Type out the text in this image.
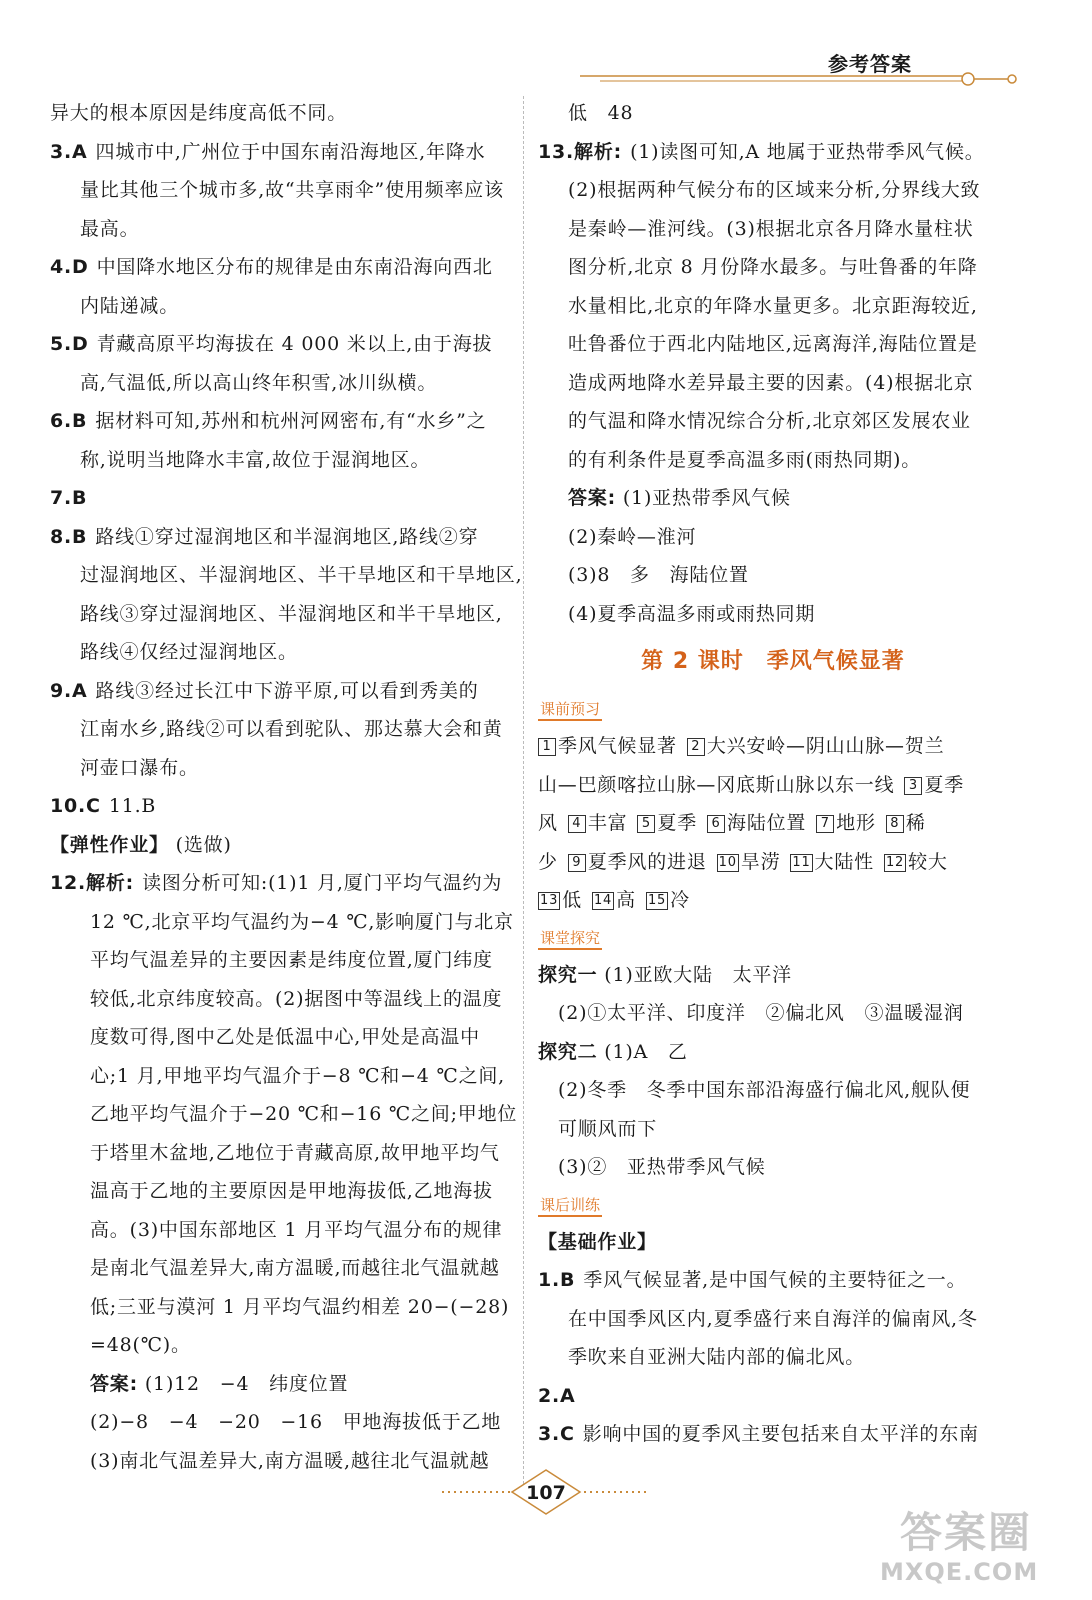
参考答案
异大的根本原因是纬度高低不同。
3.A 四城市中,广州位于中国东南沿海地区,年降水
量比其他三个城市多,故“共享雨伞”使用频率应该
最高。
4.D 中国降水地区分布的规律是由东南沿海向西北
内陆递减。
5.D 青藏高原平均海拔在 4 000 米以上,由于海拔
高,气温低,所以高山终年积雪,冰川纵横。
6.B 据材料可知,苏州和杭州河网密布,有“水乡”之
称,说明当地降水丰富,故位于湿润地区。
7.B
8.B 路线①穿过湿润地区和半湿润地区,路线②穿
过湿润地区、半湿润地区、半干旱地区和干旱地区,
路线③穿过湿润地区、半湿润地区和半干旱地区,
路线④仅经过湿润地区。
9.A 路线③经过长江中下游平原,可以看到秀美的
江南水乡,路线②可以看到驼队、那达慕大会和黄
河壶口瀑布。
10.C 11.B
【弹性作业】 (选做)
12.解析: 读图分析可知:(1)1 月,厦门平均气温约为
12 ℃,北京平均气温约为−4 ℃,影响厦门与北京
平均气温差异的主要因素是纬度位置,厦门纬度
较低,北京纬度较高。(2)据图中等温线上的温度
度数可得,图中乙处是低温中心,甲处是高温中
心;1 月,甲地平均气温介于−8 ℃和−4 ℃之间,
乙地平均气温介于−20 ℃和−16 ℃之间;甲地位
于塔里木盆地,乙地位于青藏高原,故甲地平均气
温高于乙地的主要原因是甲地海拔低,乙地海拔
高。(3)中国东部地区 1 月平均气温分布的规律
是南北气温差异大,南方温暖,而越往北气温就越
低;三亚与漠河 1 月平均气温约相差 20−(−28)
=48(℃)。
答案: (1)12　−4　纬度位置
(2)−8　−4　−20　−16　甲地海拔低于乙地
(3)南北气温差异大,南方温暖,越往北气温就越
低　48
13.解析: (1)读图可知,A 地属于亚热带季风气候。
(2)根据两种气候分布的区域来分析,分界线大致
是秦岭—淮河线。(3)根据北京各月降水量柱状
图分析,北京 8 月份降水最多。与吐鲁番的年降
水量相比,北京的年降水量更多。北京距海较近,
吐鲁番位于西北内陆地区,远离海洋,海陆位置是
造成两地降水差异最主要的因素。(4)根据北京
的气温和降水情况综合分析,北京郊区发展农业
的有利条件是夏季高温多雨(雨热同期)。
答案: (1)亚热带季风气候
(2)秦岭—淮河
(3)8　多　海陆位置
(4)夏季高温多雨或雨热同期
第 2 课时　季风气候显著
课前预习
1 季风气候显著 2 大兴安岭—阴山山脉—贺兰
山—巴颜喀拉山脉—冈底斯山脉以东一线 3 夏季
风 4 丰富 5 夏季 6 海陆位置 7 地形 8 稀
少 9 夏季风的进退 10 旱涝 11 大陆性 12 较大
13 低 14 高 15 冷
课堂探究
探究一 (1)亚欧大陆　太平洋
(2)①太平洋、印度洋　②偏北风　③温暖湿润
探究二 (1)A　乙
(2)冬季　冬季中国东部沿海盛行偏北风,舰队便
可顺风而下
(3)②　亚热带季风气候
课后训练
【基础作业】
1.B 季风气候显著,是中国气候的主要特征之一。
在中国季风区内,夏季盛行来自海洋的偏南风,冬
季吹来自亚洲大陆内部的偏北风。
2.A
3.C 影响中国的夏季风主要包括来自太平洋的东南
107
答案圈
MXQE.COM
